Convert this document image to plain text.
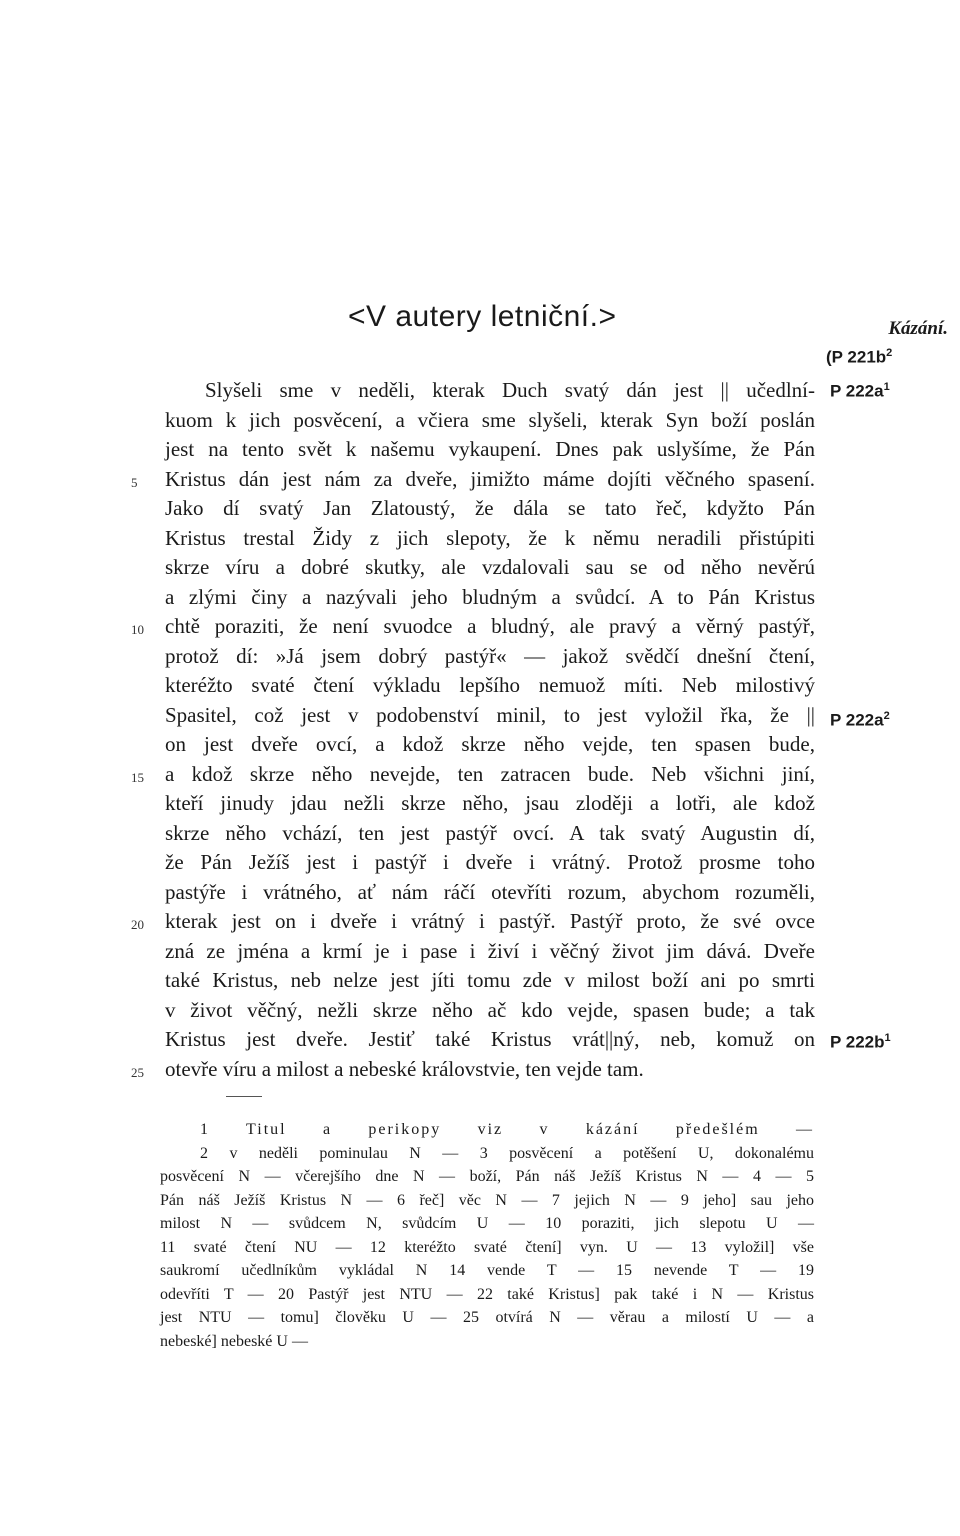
<V autery letniční.>	Kázání.
(P $221b^2$
P $222a^1$
P $222a^2$
P $222b^1$
Slyšeli sme v neděli, kterak Duch svatý dán jest || učedlní-
kuom k jich posvěcení, a včiera sme slyšeli, kterak Syn boží poslán
jest na tento svět k našemu vykaupení. Dnes pak uslyšíme, že Pán
5 Kristus dán jest nám za dveře, jimižto máme dojíti věčného spasení.
Jako dí svatý Jan Zlatoustý, že dála se tato řeč, kdyžto Pán
Kristus trestal Židy z jich slepoty, že k němu neradili přistúpiti
skrze víru a dobré skutky, ale vzdalovali sau se od něho nevěrú
a zlými činy a nazývali jeho bludným a svůdcí. A to Pán Kristus
10 chtě poraziti, že není svuodce a bludný, ale pravý a věrný pastýř,
protož dí: »Já jsem dobrý pastýř« — jakož svědčí dnešní čtení,
kteréžto svaté čtení výkladu lepšího nemuož míti. Neb milostivý
Spasitel, což jest v podobenství minil, to jest vyložil řka, že ||
on jest dveře ovcí, a kdož skrze něho vejde, ten spasen bude,
15 a kdož skrze něho nevejde, ten zatracen bude. Neb všichni jiní,
kteří jinudy jdau nežli skrze něho, jsau zloději a lotři, ale kdož
skrze něho vchází, ten jest pastýř ovcí. A tak svatý Augustin dí,
že Pán Ježíš jest i pastýř i dveře i vrátný. Protož prosme toho
pastýře i vrátného, ať nám ráčí otevříti rozum, abychom rozuměli,
20 kterak jest on i dveře i vrátný i pastýř. Pastýř proto, že své ovce
zná ze jména a krmí je i pase i živí i věčný život jim dává. Dveře
také Kristus, neb nelze jest jíti tomu zde v milost boží ani po smrti
v život věčný, nežli skrze něho ač kdo vejde, spasen bude; a tak
Kristus jest dveře. Jestiť také Kristus vrát||ný, neb, komuž on
25 otevře víru a milost a nebeské královstvie, ten vejde tam.
1 Titul a perikopy viz v kázání předešlém —
2 v neděli pominulau N — 3 posvěcení a potěšení U, dokonalému
posvěcení N — včerejšího dne N — boží, Pán náš Ježíš Kristus N — 4 — 5
Pán náš Ježíš Kristus N — 6 řeč] věc N — 7 jejich N — 9 jeho] sau jeho
milost N — svůdcem N, svůdcím U — 10 poraziti, jich slepotu U —
11 svaté čtení NU — 12 kteréžto svaté čtení] vyn. U — 13 vyložil] vše
saukromí učedlníkům vykládal N 14 vende T — 15 nevende T — 19
odevříti T — 20 Pastýř jest NTU — 22 také Kristus] pak také i N — Kristus
jest NTU — tomu] člověku U — 25 otvírá N — věrau a milostí U — a
nebeské] nebeské U —
